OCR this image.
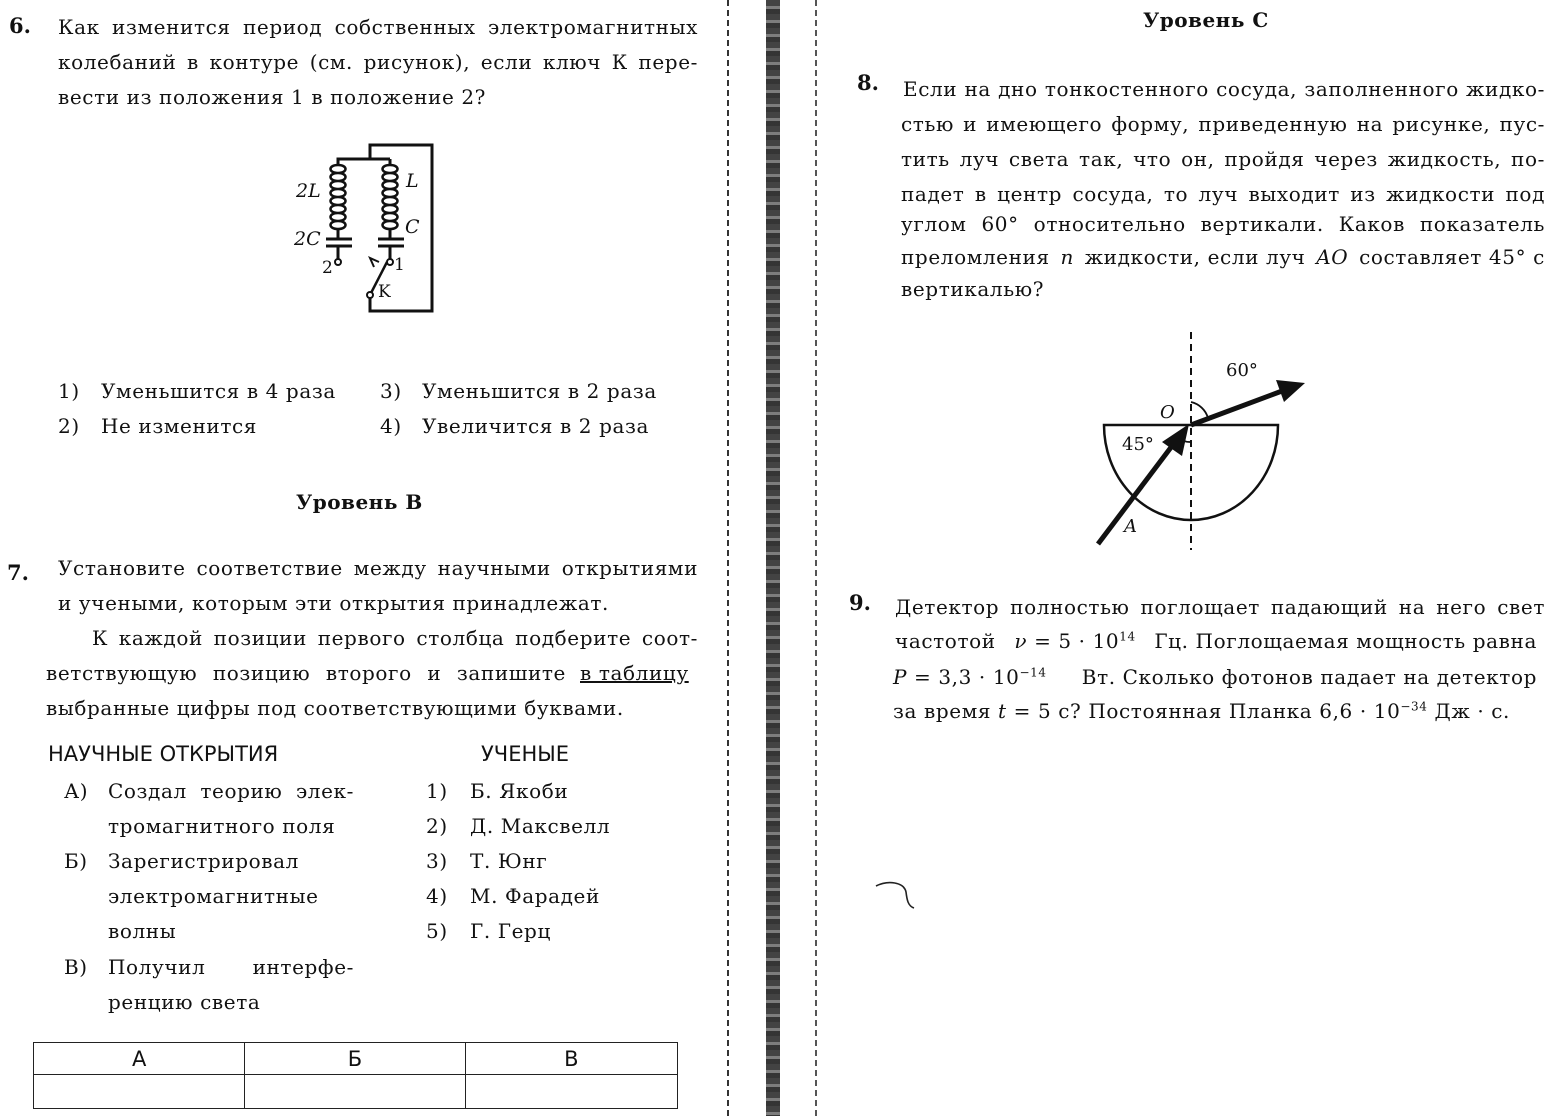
6. Как изменится период собственных электромагнитных
колебаний в контуре (см. рисунок), если ключ К пере-
вести из положения 1 в положение 2?
2L	L
2C
C
2	1
K
1) Уменьшится в 4 раза
2) Не изменится
3) Уменьшится в 2 раза
4) Увеличится в 2 раза
Уровень В
7. Установите соответствие между научными открытиями
и учеными, которым эти открытия принадлежат.
К каждой позиции первого столбца подберите соот-
ветствующую позицию второго и запишите в таблицу
выбранные цифры под соответствующими буквами.
НАУЧНЫЕ ОТКРЫТИЯ	УЧЕНЫЕ
А) Создал теорию элек-
тромагнитного поля
Б) Зарегистрировал
электромагнитные
волны
В) Получил интерфе-
ренцию света
1) Б. Якоби
2) Д. Максвелл
3) Т. Юнг
4) М. Фарадей
5) Г. Герц
А	Б	В

Уровень С
8. Если на дно тонкостенного сосуда, заполненного жидко-
стью и имеющего форму, приведенную на рисунке, пус-
тить луч света так, что он, пройдя через жидкость, по-
падет в центр сосуда, то луч выходит из жидкости под
углом 60° относительно вертикали. Каков показатель
преломления n жидкости, если луч AO составляет 45° с
вертикалью?
60°
45°
O
A
9. Детектор полностью поглощает падающий на него свет
частотой $\nu = 5 \cdot 10^{14}$ Гц. Поглощаемая мощность равна
$P = 3,3 \cdot 10^{-14}$ Вт. Сколько фотонов падает на детектор
за время t = 5 с? Постоянная Планка $6,6 \cdot 10^{-34}$ Дж · с.
